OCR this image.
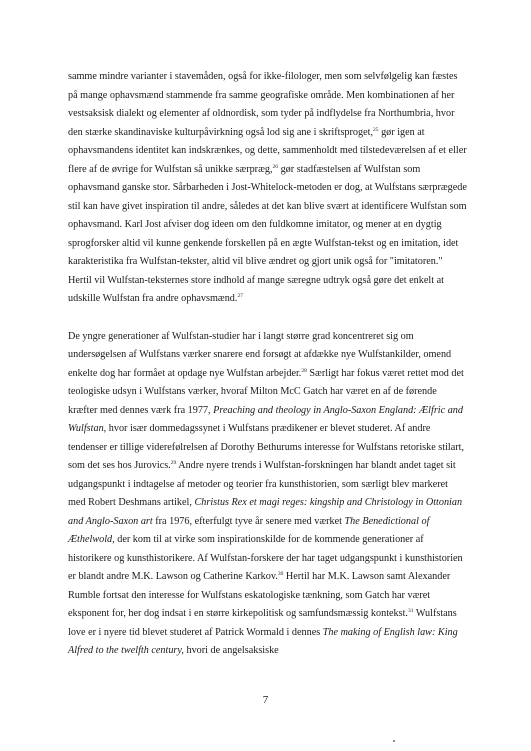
samme mindre varianter i stavemåden, også for ikke-filologer, men som selvfølgelig kan fæstes på mange ophavsmænd stammende fra samme geografiske område. Men kombinationen af her vestsaksisk dialekt og elementer af oldnordisk, som tyder på indflydelse fra Northumbria, hvor den stærke skandinaviske kulturpåvirkning også lod sig ane i skriftsproget,$^{25}$ gør igen at ophavsmandens identitet kan indskrænkes, og dette, sammenholdt med tilstedeværelsen af et eller flere af de øvrige for Wulfstan så unikke særpræg,$^{26}$ gør stadfæstelsen af Wulfstan som ophavsmand ganske stor. Sårbarheden i Jost-Whitelock-metoden er dog, at Wulfstans særprægede stil kan have givet inspiration til andre, således at det kan blive svært at identificere Wulfstan som ophavsmand. Karl Jost afviser dog ideen om den fuldkomne imitator, og mener at en dygtig sprogforsker altid vil kunne genkende forskellen på en ægte Wulfstan-tekst og en imitation, idet karakteristika fra Wulfstan-tekster, altid vil blive ændret og gjort unik også for "imitatoren." Hertil vil Wulfstan-teksternes store indhold af mange særegne udtryk også gøre det enkelt at udskille Wulfstan fra andre ophavsmænd.$^{27}$

De yngre generationer af Wulfstan-studier har i langt større grad koncentreret sig om undersøgelsen af Wulfstans værker snarere end forsøgt at afdække nye Wulfstankilder, omend enkelte dog har formået at opdage nye Wulfstan arbejder.$^{28}$ Særligt har fokus været rettet mod det teologiske udsyn i Wulfstans værker, hvoraf Milton McC Gatch har været en af de førende kræfter med dennes værk fra 1977, Preaching and theology in Anglo-Saxon England: Ælfric and Wulfstan, hvor især dommedagssynet i Wulfstans prædikener er blevet studeret. Af andre tendenser er tillige viderefølrelsen af Dorothy Bethurums interesse for Wulfstans retoriske stilart, som det ses hos Jurovics.$^{29}$ Andre nyere trends i Wulfstan-forskningen har blandt andet taget sit udgangspunkt i indtagelse af metoder og teorier fra kunsthistorien, som særligt blev markeret med Robert Deshmans artikel, Christus Rex et magi reges: kingship and Christology in Ottonian and Anglo-Saxon art fra 1976, efterfulgt tyve år senere med værket The Benedictional of Æthelwold, der kom til at virke som inspirationskilde for de kommende generationer af historikere og kunsthistorikere. Af Wulfstan-forskere der har taget udgangspunkt i kunsthistorien er blandt andre M.K. Lawson og Catherine Karkov.$^{30}$ Hertil har M.K. Lawson samt Alexander Rumble fortsat den interesse for Wulfstans eskatologiske tænkning, som Gatch har været eksponent for, her dog indsat i en større kirkepolitisk og samfundsmæssig kontekst.$^{31}$ Wulfstans love er i nyere tid blevet studeret af Patrick Wormald i dennes The making of English law: King Alfred to the twelfth century, hvori de angelsaksiske

7
